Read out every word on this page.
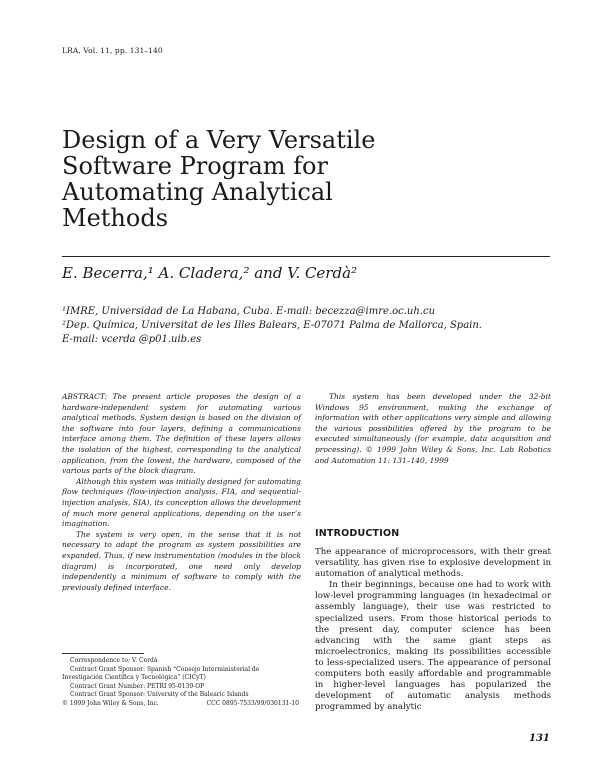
LRA, Vol. 11, pp. 131–140
Design of a Very Versatile
Software Program for
Automating Analytical
Methods
E. Becerra,¹ A. Cladera,² and V. Cerdà²
¹IMRE, Universidad de La Habana, Cuba. E-mail: becezza@imre.oc.uh.cu
²Dep. Química, Universitat de les Illes Balears, E-07071 Palma de Mallorca, Spain.
E-mail: vcerda @p01.uib.es

ABSTRACT: The present article proposes the design of a hardware-independent system for automating various analytical methods. System design is based on the division of the software into four layers, defining a communications interface among them. The definition of these layers allows the isolation of the highest, corresponding to the analytical application, from the lowest, the hardware, composed of the various parts of the block diagram.

Although this system was initially designed for automating flow techniques (flow-injection analysis, FIA, and sequential-injection analysis, SIA), its conception allows the development of much more general applications, depending on the user’s imagination.

The system is very open, in the sense that it is not necessary to adapt the program as system possibilities are expanded. Thus, if new instrumentation (modules in the block diagram) is incorporated, one need only develop independently a minimum of software to comply with the previously defined interface.

This system has been developed under the 32-bit Windows 95 environment, making the exchange of information with other applications very simple and allowing the various possibilities offered by the program to be executed simultaneously (for example, data acquisition and processing). © 1999 John Wiley & Sons, Inc. Lab Robotics and Automation 11: 131–140, 1999

Correspondence to: V. Cerdà
Contract Grant Sponsor: Spanish “Consejo Interministerial de
Investigación Científica y Tecnológica” (CICyT)
Contract Grant Number: PETRI 95-0139-OP
Contract Grant Sponsor: University of the Balearic Islands
© 1999 John Wiley & Sons, Inc.	CCC 0895-7533/99/030131-10
INTRODUCTION

The appearance of microprocessors, with their great versatility, has given rise to explosive development in automation of analytical methods.

In their beginnings, because one had to work with low-level programming languages (in hexadecimal or assembly language), their use was restricted to specialized users. From those historical periods to the present day, computer science has been advancing with the same giant steps as microelectronics, making its possibilities accessible to less-specialized users. The appearance of personal computers both easily affordable and programmable in higher-level languages has popularized the development of automatic analysis methods programmed by analytic

131
